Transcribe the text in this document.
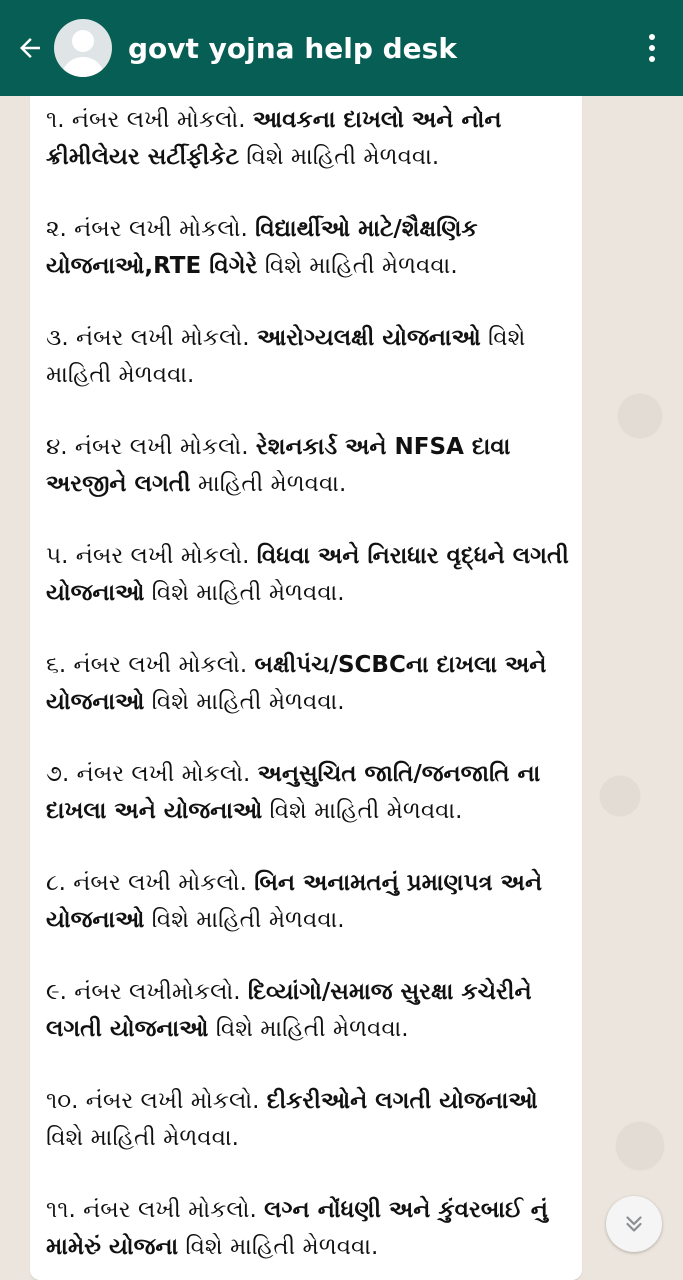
govt yojna help desk
૧. નંબર લખી મોકલો. આવકના દાખલો અને નોન ક્રીમીલેયર સર્ટીફીકેટ વિશે માહિતી મેળવવા.
૨. નંબર લખી મોકલો. વિદ્યાર્થીઓ માટે/શૈક્ષણિક યોજનાઓ,RTE વિગેરે વિશે માહિતી મેળવવા.
૩. નંબર લખી મોકલો. આરોગ્યલક્ષી યોજનાઓ વિશે માહિતી મેળવવા.
૪. નંબર લખી મોકલો. રેશનકાર્ડ અને NFSA દાવા અરજીને લગતી માહિતી મેળવવા.
૫. નંબર લખી મોકલો. વિધવા અને નિરાધાર વૃદ્ધને લગતી યોજનાઓ વિશે માહિતી મેળવવા.
૬. નંબર લખી મોકલો. બક્ષીપંચ/SCBCના દાખલા અને યોજનાઓ વિશે માહિતી મેળવવા.
૭. નંબર લખી મોકલો. અનુસુચિત જાતિ/જનજાતિ ના દાખલા અને યોજનાઓ વિશે માહિતી મેળવવા.
૮. નંબર લખી મોકલો. બિન અનામતનું પ્રમાણપત્ર અને યોજનાઓ વિશે માહિતી મેળવવા.
૯. નંબર લખીમોકલો. દિવ્યાંગો/સમાજ સુરક્ષા કચેરીને લગતી યોજનાઓ વિશે માહિતી મેળવવા.
૧૦. નંબર લખી મોકલો. દીકરીઓને લગતી યોજનાઓ વિશે માહિતી મેળવવા.
૧૧. નંબર લખી મોકલો. લગ્ન નોંધણી અને કુંવરબાઈ નું મામેરું યોજના વિશે માહિતી મેળવવા.
